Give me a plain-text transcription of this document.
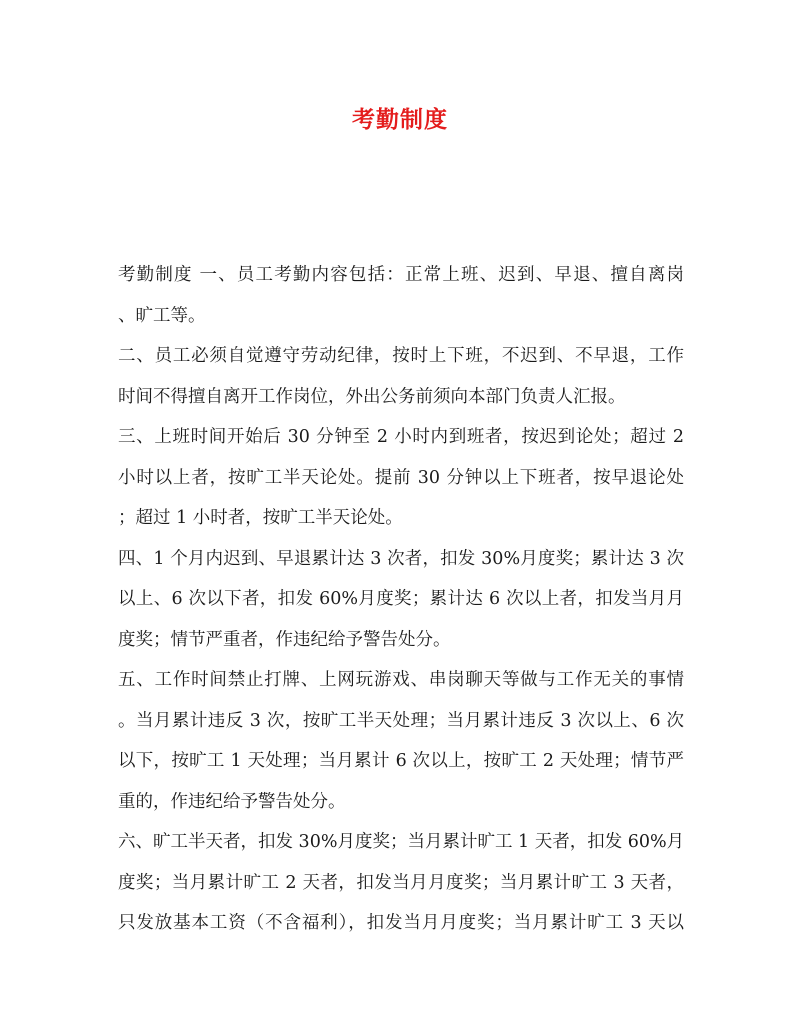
考勤制度
考勤制度 一、员工考勤内容包括：正常上班、迟到、早退、擅自离岗
、旷工等。
二、员工必须自觉遵守劳动纪律，按时上下班，不迟到、不早退，工作
时间不得擅自离开工作岗位，外出公务前须向本部门负责人汇报。
三、上班时间开始后 30 分钟至 2 小时内到班者，按迟到论处；超过 2
小时以上者，按旷工半天论处。提前 30 分钟以上下班者，按早退论处
；超过 1 小时者，按旷工半天论处。
四、1 个月内迟到、早退累计达 3 次者，扣发 30%月度奖；累计达 3 次
以上、6 次以下者，扣发 60%月度奖；累计达 6 次以上者，扣发当月月
度奖；情节严重者，作违纪给予警告处分。
五、工作时间禁止打牌、上网玩游戏、串岗聊天等做与工作无关的事情
。当月累计违反 3 次，按旷工半天处理；当月累计违反 3 次以上、6 次
以下，按旷工 1 天处理；当月累计 6 次以上，按旷工 2 天处理；情节严
重的，作违纪给予警告处分。
六、旷工半天者，扣发 30%月度奖；当月累计旷工 1 天者，扣发 60%月
度奖；当月累计旷工 2 天者，扣发当月月度奖；当月累计旷工 3 天者，
只发放基本工资（不含福利），扣发当月月度奖；当月累计旷工 3 天以
